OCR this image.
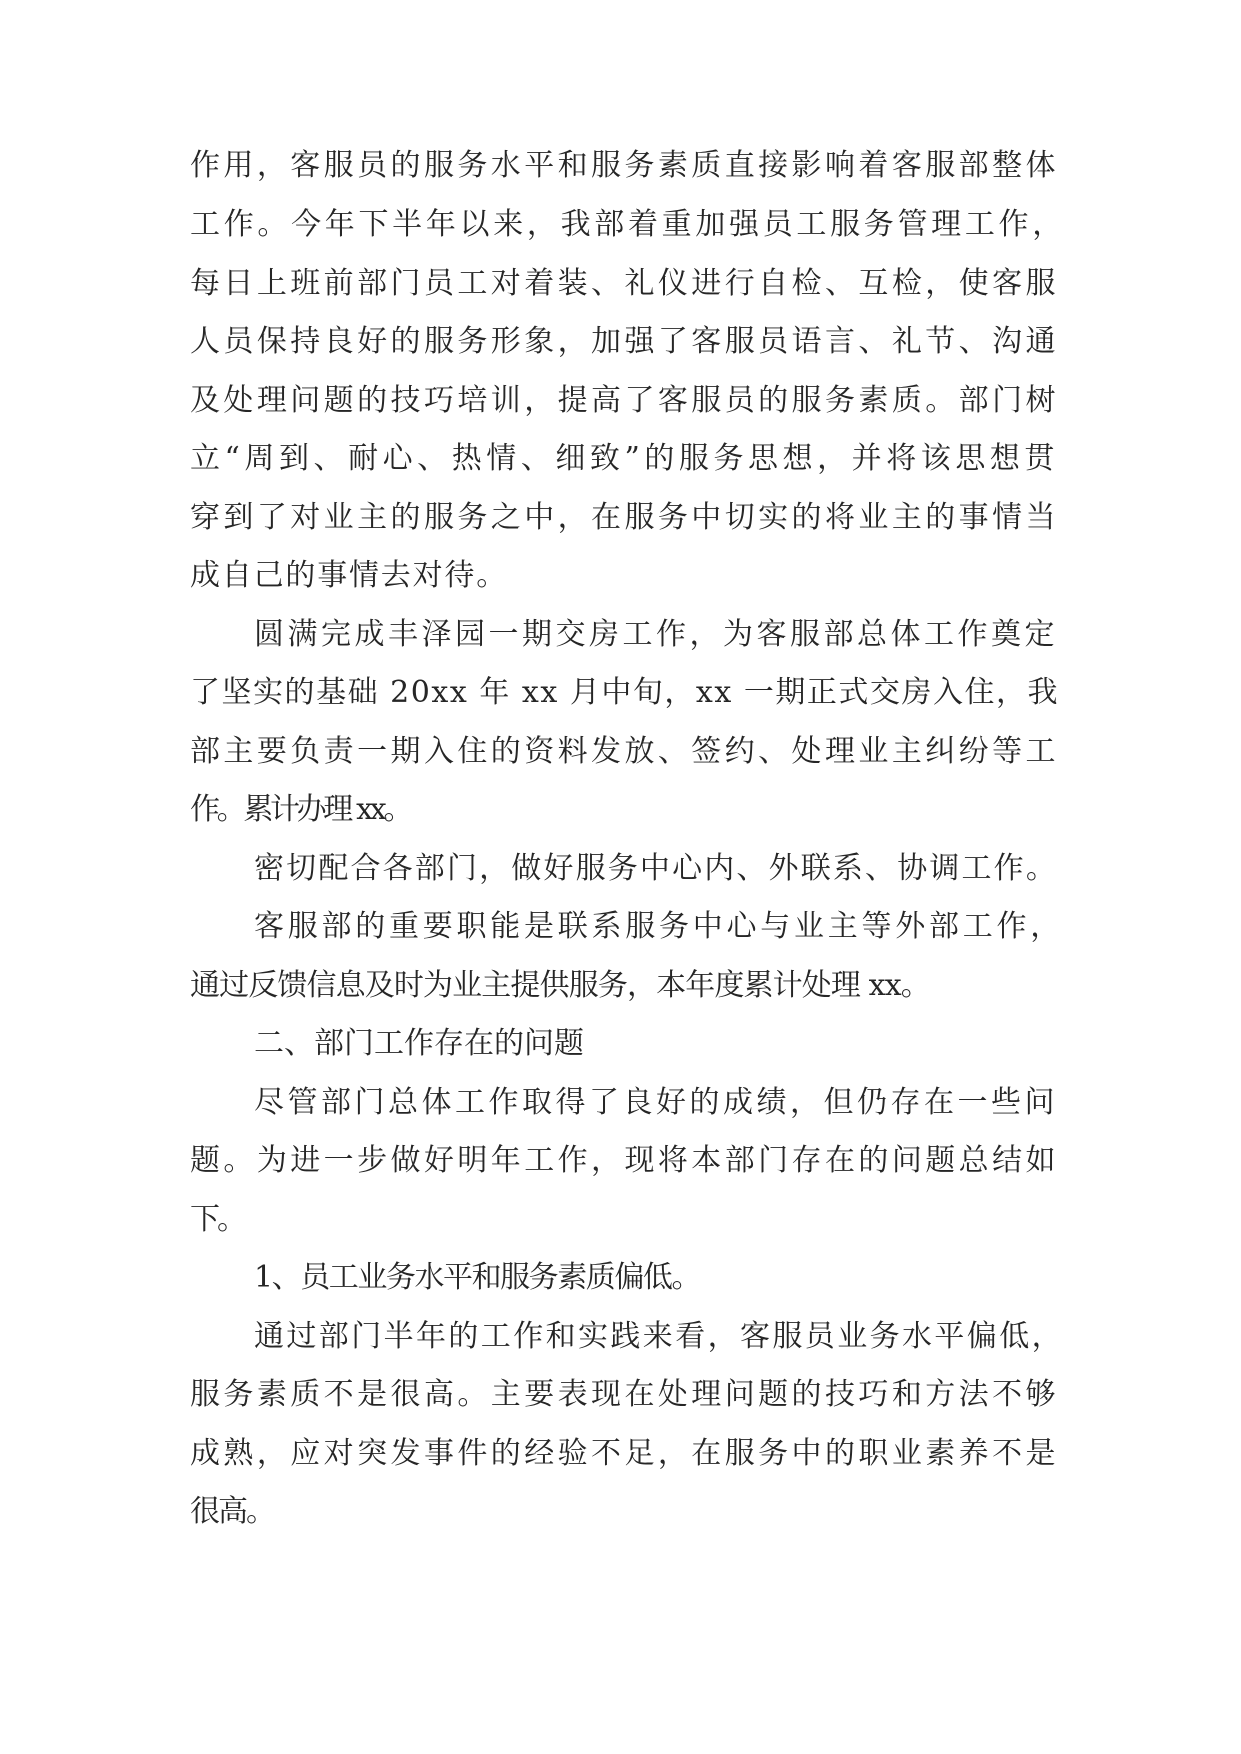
作用，客服员的服务水平和服务素质直接影响着客服部整体
工作。今年下半年以来，我部着重加强员工服务管理工作，
每日上班前部门员工对着装、礼仪进行自检、互检，使客服
人员保持良好的服务形象，加强了客服员语言、礼节、沟通
及处理问题的技巧培训，提高了客服员的服务素质。部门树
立“周到、耐心、热情、细致”的服务思想，并将该思想贯
穿到了对业主的服务之中，在服务中切实的将业主的事情当
成自己的事情去对待。
圆满完成丰泽园一期交房工作，为客服部总体工作奠定
了坚实的基础 20xx 年 xx 月中旬，xx 一期正式交房入住，我
部主要负责一期入住的资料发放、签约、处理业主纠纷等工
作。累计办理 xx。
密切配合各部门，做好服务中心内、外联系、协调工作。
客服部的重要职能是联系服务中心与业主等外部工作，
通过反馈信息及时为业主提供服务，本年度累计处理 xx。
二、部门工作存在的问题
尽管部门总体工作取得了良好的成绩，但仍存在一些问
题。为进一步做好明年工作，现将本部门存在的问题总结如
下。
1、员工业务水平和服务素质偏低。
通过部门半年的工作和实践来看，客服员业务水平偏低，
服务素质不是很高。主要表现在处理问题的技巧和方法不够
成熟，应对突发事件的经验不足，在服务中的职业素养不是
很高。
